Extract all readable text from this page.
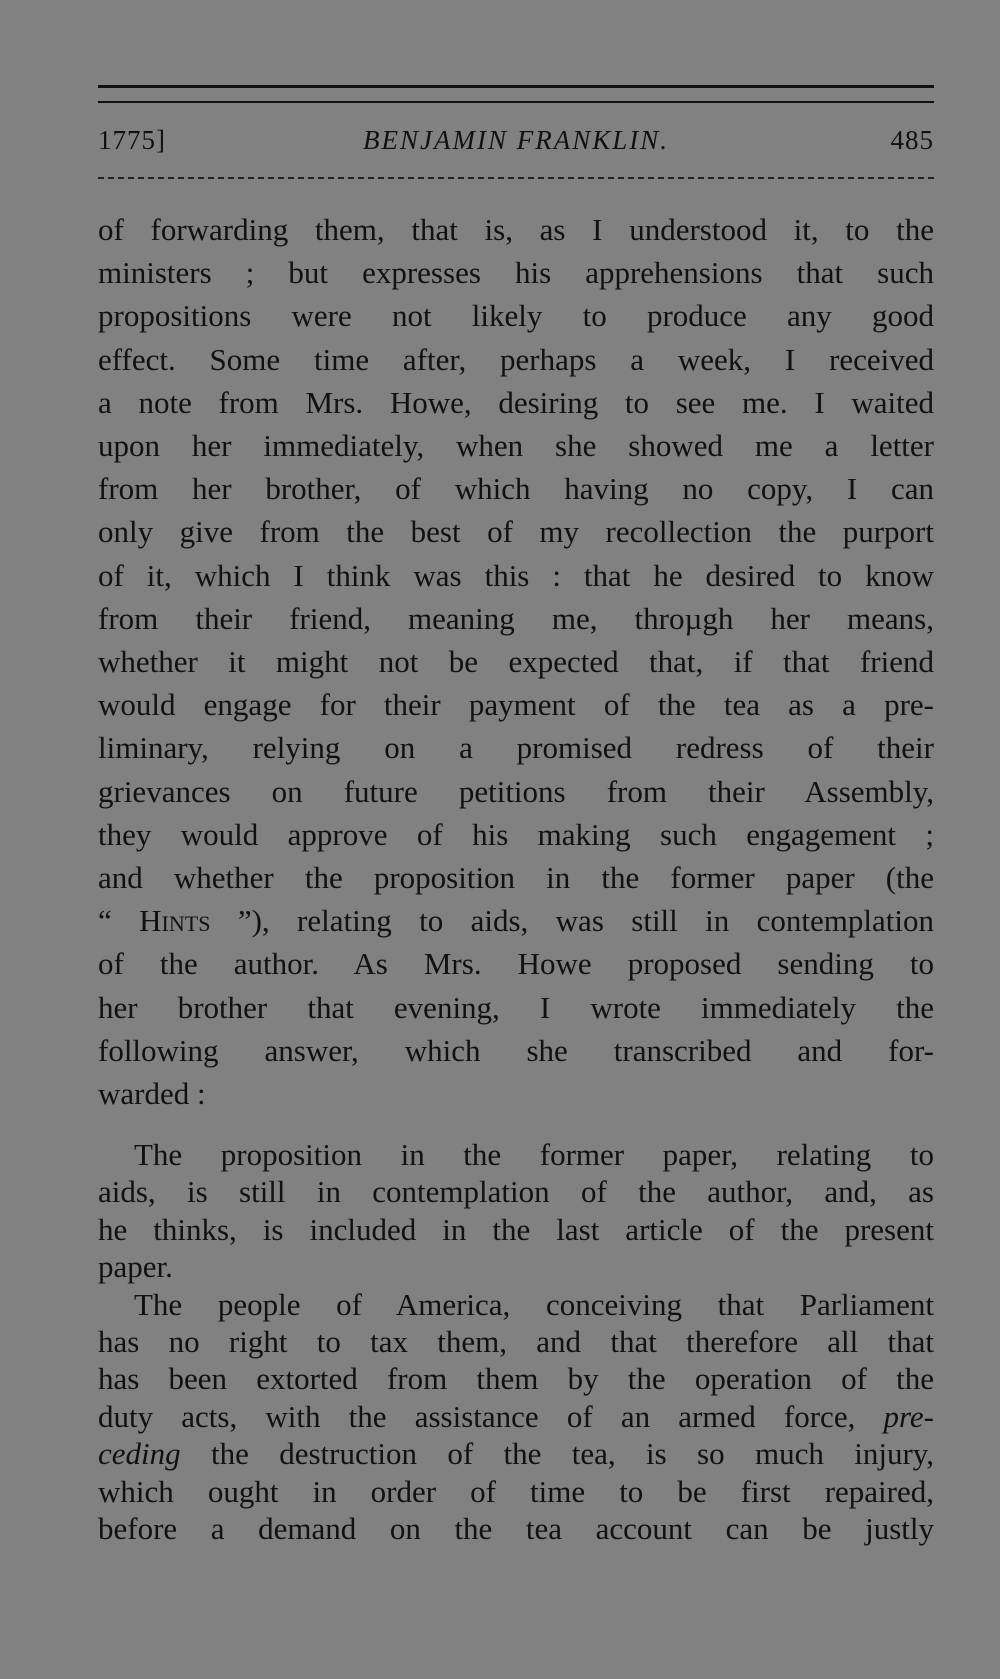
1775]	BENJAMIN FRANKLIN.	485
of forwarding them, that is, as I understood it, to the
ministers ; but expresses his apprehensions that such
propositions were not likely to produce any good
effect. Some time after, perhaps a week, I received
a note from Mrs. Howe, desiring to see me. I waited
upon her immediately, when she showed me a letter
from her brother, of which having no copy, I can
only give from the best of my recollection the purport
of it, which I think was this : that he desired to know
from their friend, meaning me, throµgh her means,
whether it might not be expected that, if that friend
would engage for their payment of the tea as a pre-
liminary, relying on a promised redress of their
grievances on future petitions from their Assembly,
they would approve of his making such engagement ;
and whether the proposition in the former paper (the
“ Hints ”), relating to aids, was still in contemplation
of the author. As Mrs. Howe proposed sending to
her brother that evening, I wrote immediately the
following answer, which she transcribed and for-
warded :
The proposition in the former paper, relating to
aids, is still in contemplation of the author, and, as
he thinks, is included in the last article of the present
paper.
The people of America, conceiving that Parliament
has no right to tax them, and that therefore all that
has been extorted from them by the operation of the
duty acts, with the assistance of an armed force, pre-
ceding the destruction of the tea, is so much injury,
which ought in order of time to be first repaired,
before a demand on the tea account can be justly
